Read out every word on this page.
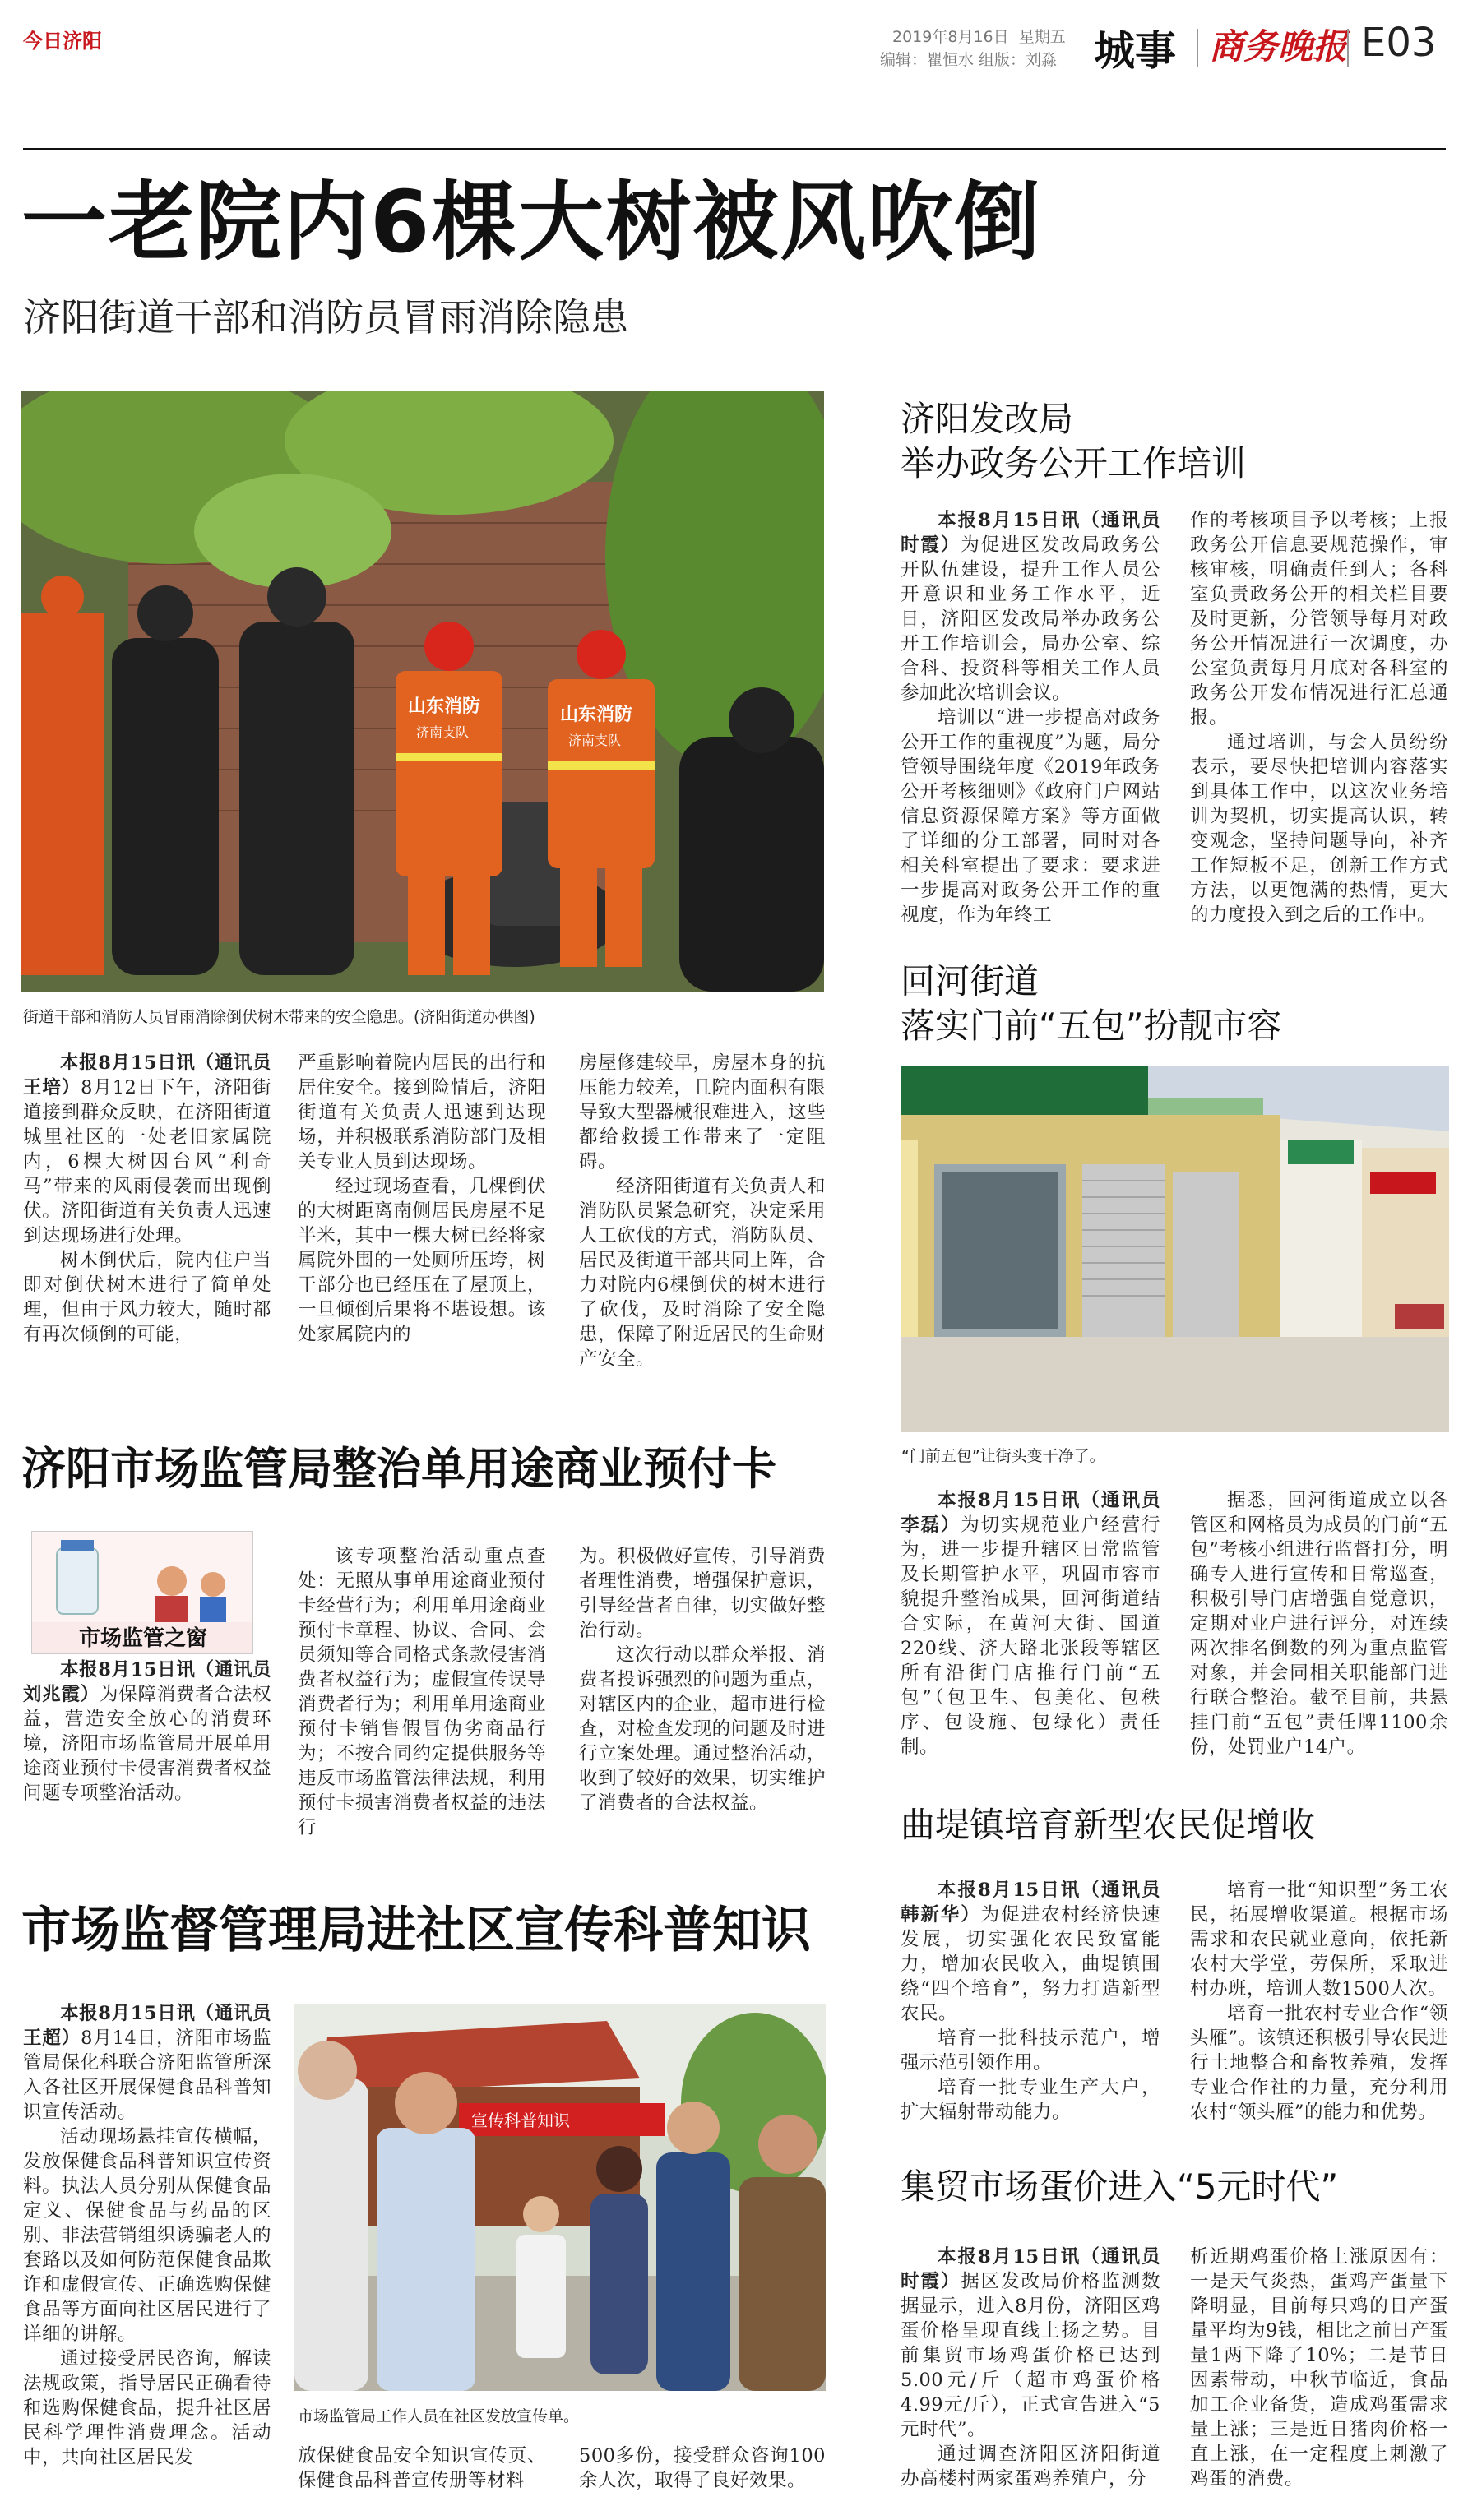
今日济阳	2019年8月16日 星期五
编辑：瞿恒水 组版：刘淼 城事 商务晚报 E03
一老院内6棵大树被风吹倒
济阳街道干部和消防员冒雨消除隐患
山东消防
济南支队
山东消防
济南支队
街道干部和消防人员冒雨消除倒伏树木带来的安全隐患。(济阳街道办供图)

本报8月15日讯（通讯员王培）8月12日下午，济阳街道接到群众反映，在济阳街道城里社区的一处老旧家属院内，6棵大树因台风“利奇马”带来的风雨侵袭而出现倒伏。济阳街道有关负责人迅速到达现场进行处理。

树木倒伏后，院内住户当即对倒伏树木进行了简单处理，但由于风力较大，随时都有再次倾倒的可能，

严重影响着院内居民的出行和居住安全。接到险情后，济阳街道有关负责人迅速到达现场，并积极联系消防部门及相关专业人员到达现场。

经过现场查看，几棵倒伏的大树距离南侧居民房屋不足半米，其中一棵大树已经将家属院外围的一处厕所压垮，树干部分也已经压在了屋顶上，一旦倾倒后果将不堪设想。该处家属院内的

房屋修建较早，房屋本身的抗压能力较差，且院内面积有限导致大型器械很难进入，这些都给救援工作带来了一定阻碍。

经济阳街道有关负责人和消防队员紧急研究，决定采用人工砍伐的方式，消防队员、居民及街道干部共同上阵，合力对院内6棵倒伏的树木进行了砍伐，及时消除了安全隐患，保障了附近居民的生命财产安全。

济阳市场监管局整治单用途商业预付卡
市场监管之窗

本报8月15日讯（通讯员刘兆霞）为保障消费者合法权益，营造安全放心的消费环境，济阳市场监管局开展单用途商业预付卡侵害消费者权益问题专项整治活动。

该专项整治活动重点查处：无照从事单用途商业预付卡经营行为；利用单用途商业预付卡章程、协议、合同、会员须知等合同格式条款侵害消费者权益行为；虚假宣传误导消费者行为；利用单用途商业预付卡销售假冒伪劣商品行为；不按合同约定提供服务等违反市场监管法律法规，利用预付卡损害消费者权益的违法行

为。积极做好宣传，引导消费者理性消费，增强保护意识，引导经营者自律，切实做好整治行动。

这次行动以群众举报、消费者投诉强烈的问题为重点，对辖区内的企业，超市进行检查，对检查发现的问题及时进行立案处理。通过整治活动，收到了较好的效果，切实维护了消费者的合法权益。

市场监督管理局进社区宣传科普知识

本报8月15日讯（通讯员王超）8月14日，济阳市场监管局保化科联合济阳监管所深入各社区开展保健食品科普知识宣传活动。

活动现场悬挂宣传横幅，发放保健食品科普知识宣传资料。执法人员分别从保健食品定义、保健食品与药品的区别、非法营销组织诱骗老人的套路以及如何防范保健食品欺诈和虚假宣传、正确选购保健食品等方面向社区居民进行了详细的讲解。

通过接受居民咨询，解读法规政策，指导居民正确看待和选购保健食品，提升社区居民科学理性消费理念。活动中，共向社区居民发

宣传科普知识
市场监管局工作人员在社区发放宣传单。

放保健食品安全知识宣传页、保健食品科普宣传册等材料

500多份，接受群众咨询100余人次，取得了良好效果。

济阳发改局
举办政务公开工作培训

本报8月15日讯（通讯员时霞）为促进区发改局政务公开队伍建设，提升工作人员公开意识和业务工作水平，近日，济阳区发改局举办政务公开工作培训会，局办公室、综合科、投资科等相关工作人员参加此次培训会议。

培训以“进一步提高对政务公开工作的重视度”为题，局分管领导围绕年度《2019年政务公开考核细则》《政府门户网站信息资源保障方案》等方面做了详细的分工部署，同时对各相关科室提出了要求：要求进一步提高对政务公开工作的重视度，作为年终工

作的考核项目予以考核；上报政务公开信息要规范操作，审核审核，明确责任到人；各科室负责政务公开的相关栏目要及时更新，分管领导每月对政务公开情况进行一次调度，办公室负责每月月底对各科室的政务公开发布情况进行汇总通报。

通过培训，与会人员纷纷表示，要尽快把培训内容落实到具体工作中，以这次业务培训为契机，切实提高认识，转变观念，坚持问题导向，补齐工作短板不足，创新工作方式方法，以更饱满的热情，更大的力度投入到之后的工作中。

回河街道
落实门前“五包”扮靓市容
“门前五包”让街头变干净了。

本报8月15日讯（通讯员李磊）为切实规范业户经营行为，进一步提升辖区日常监管及长期管护水平，巩固市容市貌提升整治成果，回河街道结合实际，在黄河大街、国道220线、济大路北张段等辖区所有沿街门店推行门前“五包”（包卫生、包美化、包秩序、包设施、包绿化）责任制。

据悉，回河街道成立以各管区和网格员为成员的门前“五包”考核小组进行监督打分，明确专人进行宣传和日常巡查，积极引导门店增强自觉意识，定期对业户进行评分，对连续两次排名倒数的列为重点监管对象，并会同相关职能部门进行联合整治。截至目前，共悬挂门前“五包”责任牌1100余份，处罚业户14户。

曲堤镇培育新型农民促增收

本报8月15日讯（通讯员韩新华）为促进农村经济快速发展，切实强化农民致富能力，增加农民收入，曲堤镇围绕“四个培育”，努力打造新型农民。

培育一批科技示范户，增强示范引领作用。

培育一批专业生产大户，扩大辐射带动能力。

培育一批“知识型”务工农民，拓展增收渠道。根据市场需求和农民就业意向，依托新农村大学堂，劳保所，采取进村办班，培训人数1500人次。

培育一批农村专业合作“领头雁”。该镇还积极引导农民进行土地整合和畜牧养殖，发挥专业合作社的力量，充分利用农村“领头雁”的能力和优势。

集贸市场蛋价进入“5元时代”

本报8月15日讯（通讯员时霞）据区发改局价格监测数据显示，进入8月份，济阳区鸡蛋价格呈现直线上扬之势。目前集贸市场鸡蛋价格已达到5.00元/斤（超市鸡蛋价格4.99元/斤），正式宣告进入“5元时代”。

通过调查济阳区济阳街道办高楼村两家蛋鸡养殖户，分

析近期鸡蛋价格上涨原因有：一是天气炎热，蛋鸡产蛋量下降明显，目前每只鸡的日产蛋量平均为9钱，相比之前日产蛋量1两下降了10%；二是节日因素带动，中秋节临近，食品加工企业备货，造成鸡蛋需求量上涨；三是近日猪肉价格一直上涨，在一定程度上刺激了鸡蛋的消费。
